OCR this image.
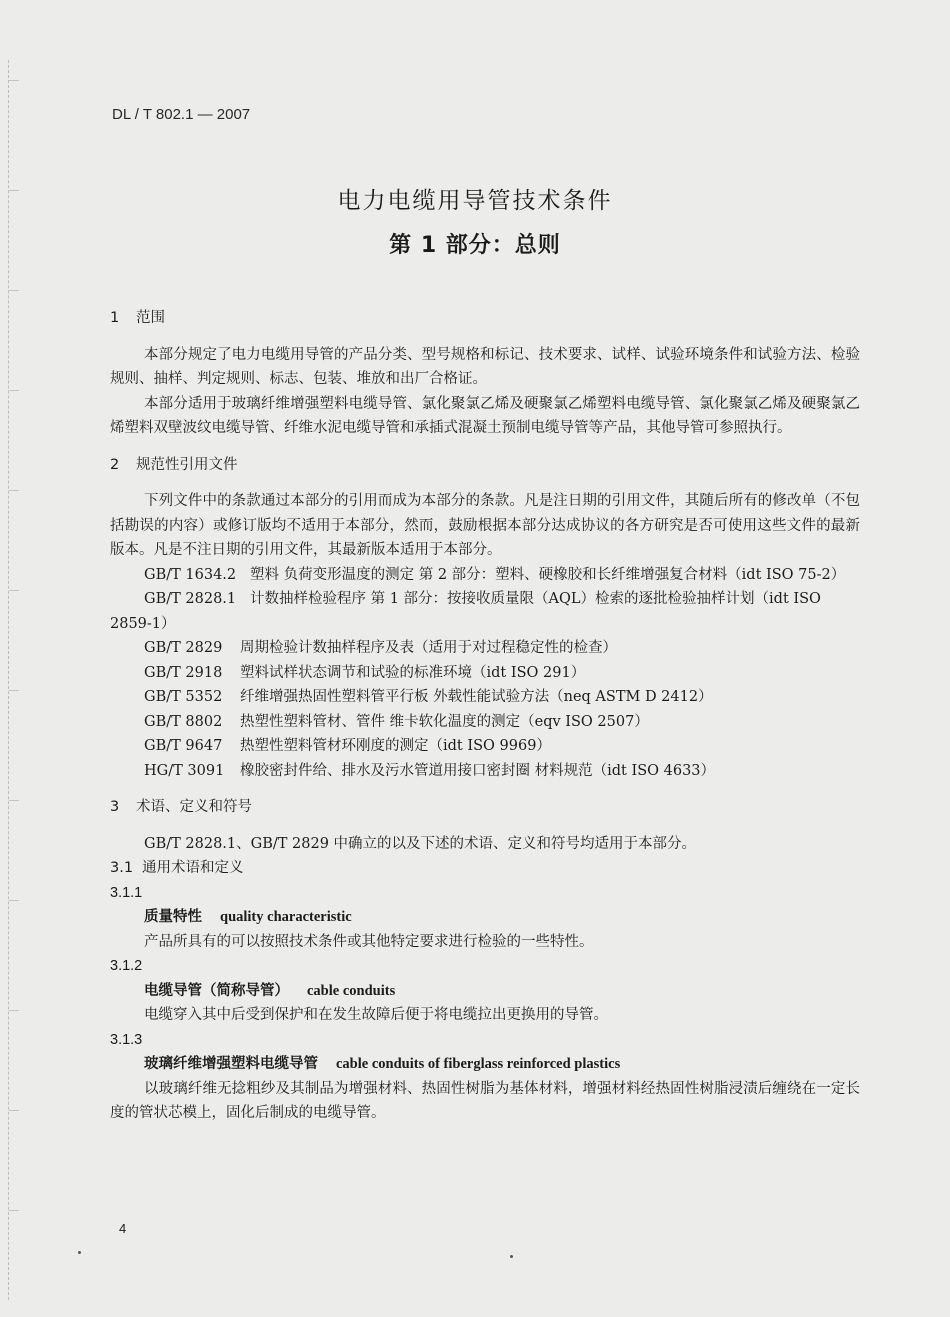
DL / T 802.1 — 2007
电力电缆用导管技术条件
第 1 部分：总则

1 范围

本部分规定了电力电缆用导管的产品分类、型号规格和标记、技术要求、试样、试验环境条件和试验方法、检验规则、抽样、判定规则、标志、包装、堆放和出厂合格证。

本部分适用于玻璃纤维增强塑料电缆导管、氯化聚氯乙烯及硬聚氯乙烯塑料电缆导管、氯化聚氯乙烯及硬聚氯乙烯塑料双壁波纹电缆导管、纤维水泥电缆导管和承插式混凝土预制电缆导管等产品，其他导管可参照执行。

2 规范性引用文件

下列文件中的条款通过本部分的引用而成为本部分的条款。凡是注日期的引用文件，其随后所有的修改单（不包括勘误的内容）或修订版均不适用于本部分，然而，鼓励根据本部分达成协议的各方研究是否可使用这些文件的最新版本。凡是不注日期的引用文件，其最新版本适用于本部分。

GB/T 1634.2 塑料 负荷变形温度的测定 第 2 部分：塑料、硬橡胶和长纤维增强复合材料（idt ISO 75-2）

GB/T 2828.1 计数抽样检验程序 第 1 部分：按接收质量限（AQL）检索的逐批检验抽样计划（idt ISO 2859-1）

GB/T 2829 周期检验计数抽样程序及表（适用于对过程稳定性的检查）

GB/T 2918 塑料试样状态调节和试验的标准环境（idt ISO 291）

GB/T 5352 纤维增强热固性塑料管平行板 外载性能试验方法（neq ASTM D 2412）

GB/T 8802 热塑性塑料管材、管件 维卡软化温度的测定（eqv ISO 2507）

GB/T 9647 热塑性塑料管材环刚度的测定（idt ISO 9969）

HG/T 3091 橡胶密封件给、排水及污水管道用接口密封圈 材料规范（idt ISO 4633）

3 术语、定义和符号

GB/T 2828.1、GB/T 2829 中确立的以及下述的术语、定义和符号均适用于本部分。

3.1 通用术语和定义

3.1.1

质量特性 quality characteristic

产品所具有的可以按照技术条件或其他特定要求进行检验的一些特性。

3.1.2

电缆导管（简称导管） cable conduits

电缆穿入其中后受到保护和在发生故障后便于将电缆拉出更换用的导管。

3.1.3

玻璃纤维增强塑料电缆导管 cable conduits of fiberglass reinforced plastics

以玻璃纤维无捻粗纱及其制品为增强材料、热固性树脂为基体材料，增强材料经热固性树脂浸渍后缠绕在一定长度的管状芯模上，固化后制成的电缆导管。

4
